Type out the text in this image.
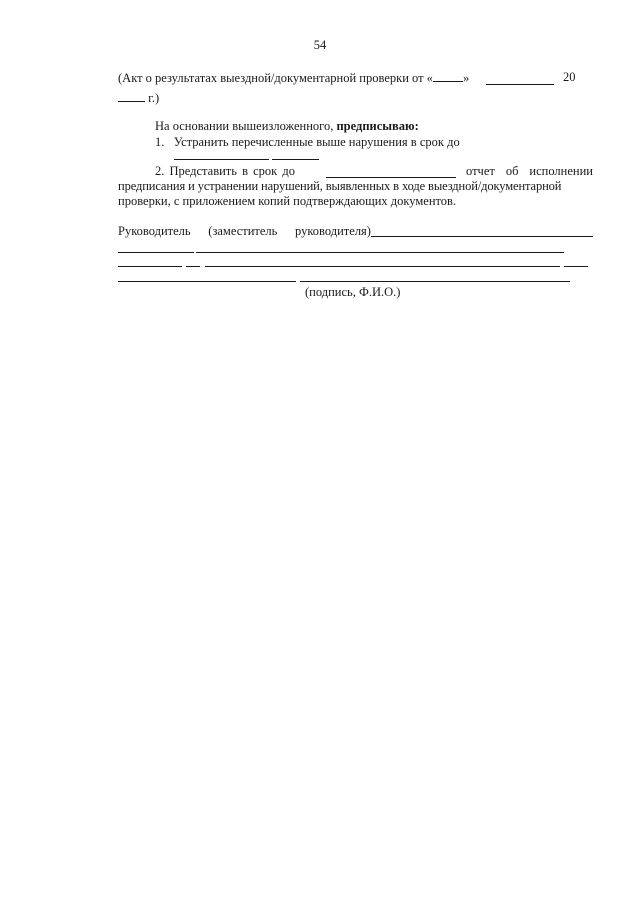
54
(Акт о результатах выездной/документарной проверки от « »	20
г.)
На основании вышеизложенного, предписываю:
1. Устранить перечисленные выше нарушения в срок до
2. Представить в срок до	отчет об исполнении
предписания и устранении нарушений, выявленных в ходе выездной/документарной
проверки, с приложением копий подтверждающих документов.
Руководитель (заместитель руководителя)
(подпись, Ф.И.О.)
